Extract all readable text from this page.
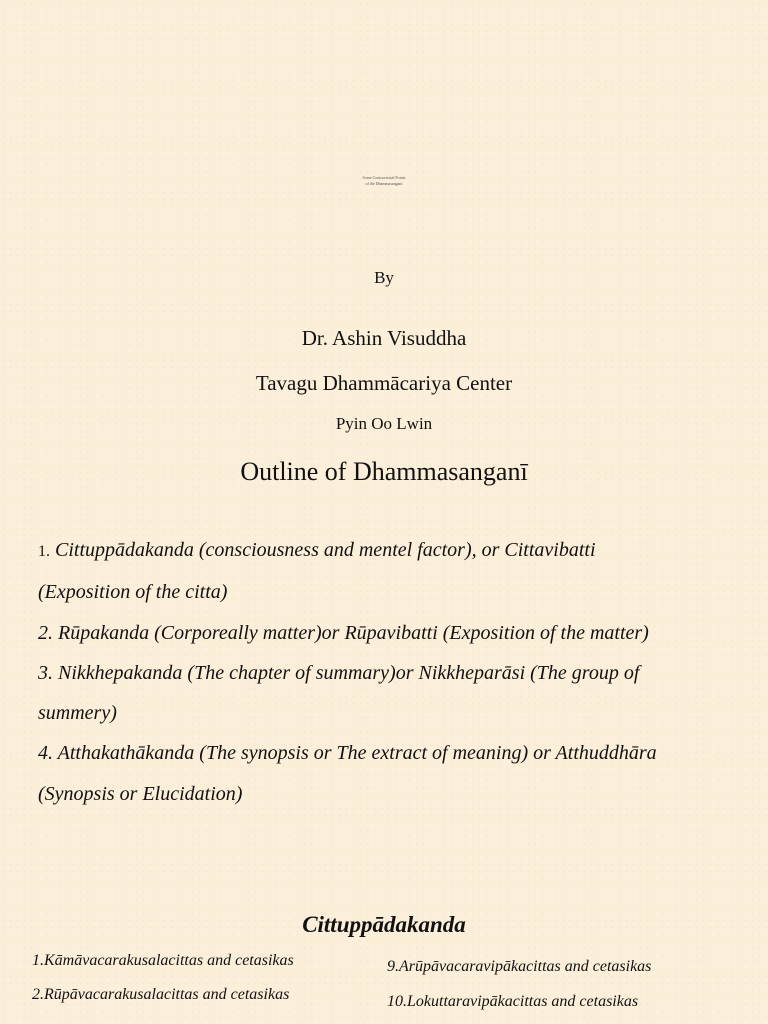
Some Controversial Points
of the Dhammasangani
By
Dr. Ashin Visuddha
Tavagu Dhammācariya Center
Pyin Oo Lwin
Outline of Dhammasanganī
1. Cittuppādakanda (consciousness and mentel factor), or Cittavibatti
(Exposition of the citta)
2. Rūpakanda (Corporeally matter)or Rūpavibatti (Exposition of the matter)
3. Nikkhepakanda (The chapter of summary)or Nikkheparāsi (The group of
summery)
4. Atthakathākanda (The synopsis or The extract of meaning) or Atthuddhāra
(Synopsis or Elucidation)
Cittuppādakanda
1.Kāmāvacarakusalacittas and cetasikas
2.Rūpāvacarakusalacittas and cetasikas
9.Arūpāvacaravipākacittas and cetasikas
10.Lokuttaravipākacittas and cetasikas
